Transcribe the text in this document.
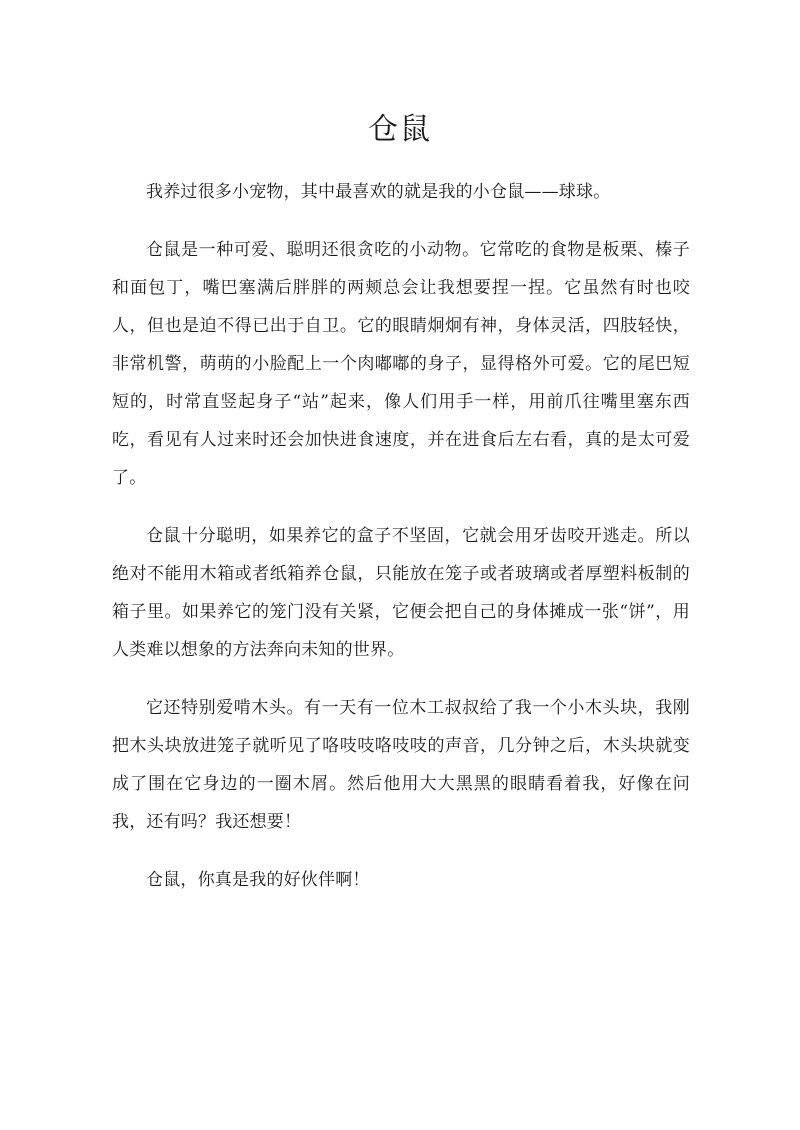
仓鼠

我养过很多小宠物，其中最喜欢的就是我的小仓鼠——球球。

仓鼠是一种可爱、聪明还很贪吃的小动物。它常吃的食物是板栗、榛子和面包丁，嘴巴塞满后胖胖的两颊总会让我想要捏一捏。它虽然有时也咬人，但也是迫不得已出于自卫。它的眼睛炯炯有神，身体灵活，四肢轻快，非常机警，萌萌的小脸配上一个肉嘟嘟的身子，显得格外可爱。它的尾巴短短的，时常直竖起身子“站”起来，像人们用手一样，用前爪往嘴里塞东西吃，看见有人过来时还会加快进食速度，并在进食后左右看，真的是太可爱了。

仓鼠十分聪明，如果养它的盒子不坚固，它就会用牙齿咬开逃走。所以绝对不能用木箱或者纸箱养仓鼠，只能放在笼子或者玻璃或者厚塑料板制的箱子里。如果养它的笼门没有关紧，它便会把自己的身体摊成一张“饼”，用人类难以想象的方法奔向未知的世界。

它还特别爱啃木头。有一天有一位木工叔叔给了我一个小木头块，我刚把木头块放进笼子就听见了咯吱吱咯吱吱的声音，几分钟之后，木头块就变成了围在它身边的一圈木屑。然后他用大大黑黑的眼睛看着我，好像在问我，还有吗？我还想要！

仓鼠，你真是我的好伙伴啊！
